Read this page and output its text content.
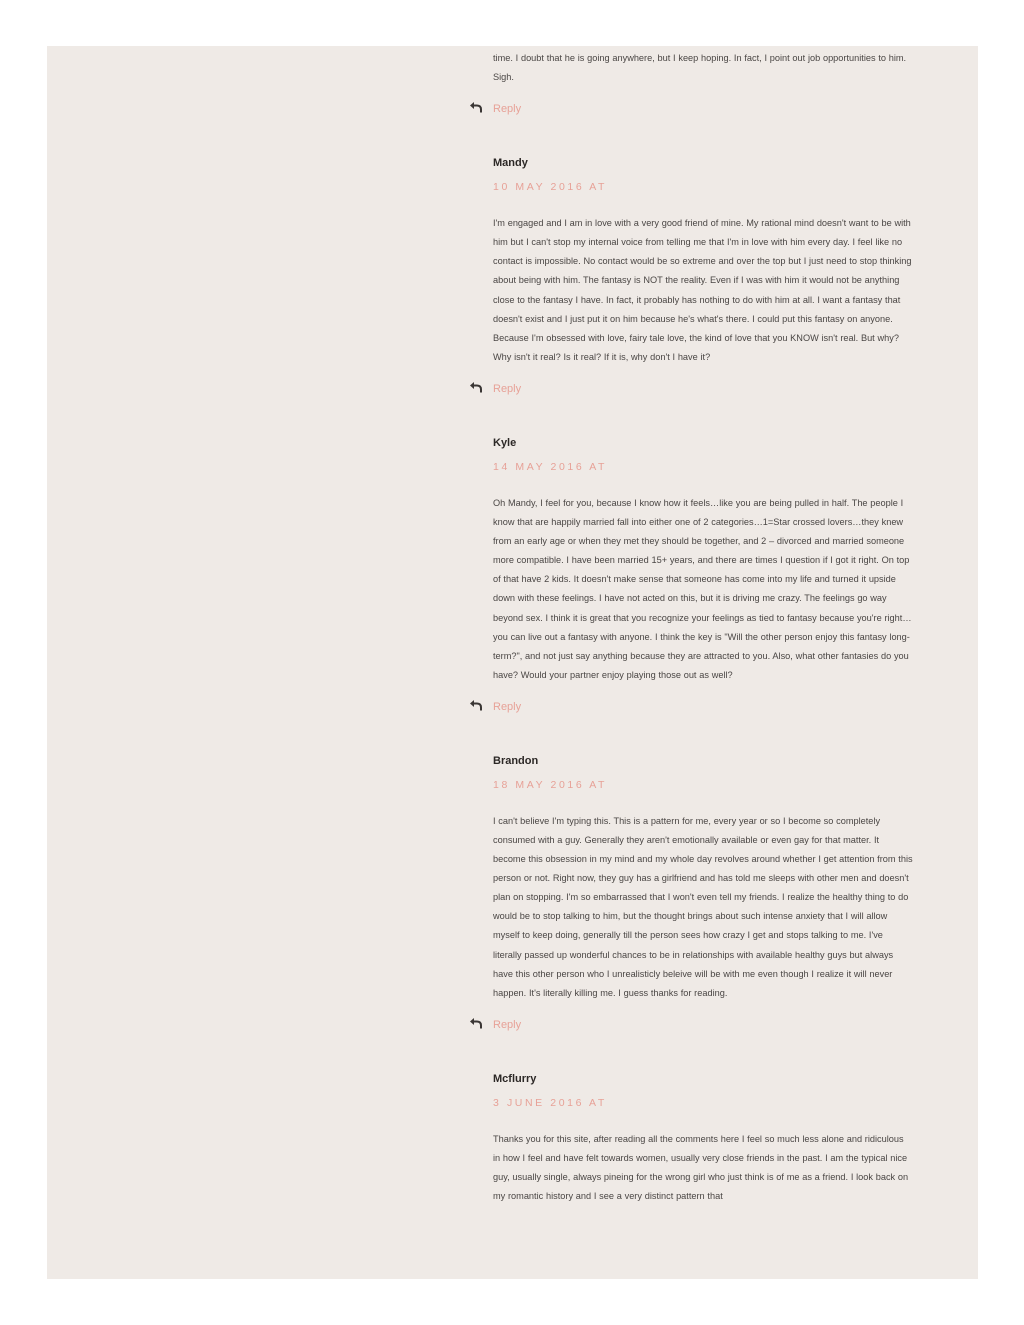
time. I doubt that he is going anywhere, but I keep hoping. In fact, I point out job opportunities to him. Sigh.

Reply

Mandy

10 MAY 2016 AT

I'm engaged and I am in love with a very good friend of mine. My rational mind doesn't want to be with him but I can't stop my internal voice from telling me that I'm in love with him every day. I feel like no contact is impossible. No contact would be so extreme and over the top but I just need to stop thinking about being with him. The fantasy is NOT the reality. Even if I was with him it would not be anything close to the fantasy I have. In fact, it probably has nothing to do with him at all. I want a fantasy that doesn't exist and I just put it on him because he's what's there. I could put this fantasy on anyone. Because I'm obsessed with love, fairy tale love, the kind of love that you KNOW isn't real. But why? Why isn't it real? Is it real? If it is, why don't I have it?

Reply

Kyle

14 MAY 2016 AT

Oh Mandy, I feel for you, because I know how it feels…like you are being pulled in half. The people I know that are happily married fall into either one of 2 categories…1=Star crossed lovers…they knew from an early age or when they met they should be together, and 2 – divorced and married someone more compatible. I have been married 15+ years, and there are times I question if I got it right. On top of that have 2 kids. It doesn't make sense that someone has come into my life and turned it upside down with these feelings. I have not acted on this, but it is driving me crazy. The feelings go way beyond sex. I think it is great that you recognize your feelings as tied to fantasy because you're right…you can live out a fantasy with anyone. I think the key is "Will the other person enjoy this fantasy long-term?", and not just say anything because they are attracted to you. Also, what other fantasies do you have? Would your partner enjoy playing those out as well?

Reply

Brandon

18 MAY 2016 AT

I can't believe I'm typing this. This is a pattern for me, every year or so I become so completely consumed with a guy. Generally they aren't emotionally available or even gay for that matter. It become this obsession in my mind and my whole day revolves around whether I get attention from this person or not. Right now, they guy has a girlfriend and has told me sleeps with other men and doesn't plan on stopping. I'm so embarrassed that I won't even tell my friends. I realize the healthy thing to do would be to stop talking to him, but the thought brings about such intense anxiety that I will allow myself to keep doing, generally till the person sees how crazy I get and stops talking to me. I've literally passed up wonderful chances to be in relationships with available healthy guys but always have this other person who I unrealisticly beleive will be with me even though I realize it will never happen. It's literally killing me. I guess thanks for reading.

Reply

Mcflurry

3 JUNE 2016 AT

Thanks you for this site, after reading all the comments here I feel so much less alone and ridiculous in how I feel and have felt towards women, usually very close friends in the past. I am the typical nice guy, usually single, always pineing for the wrong girl who just think is of me as a friend. I look back on my romantic history and I see a very distinct pattern that
